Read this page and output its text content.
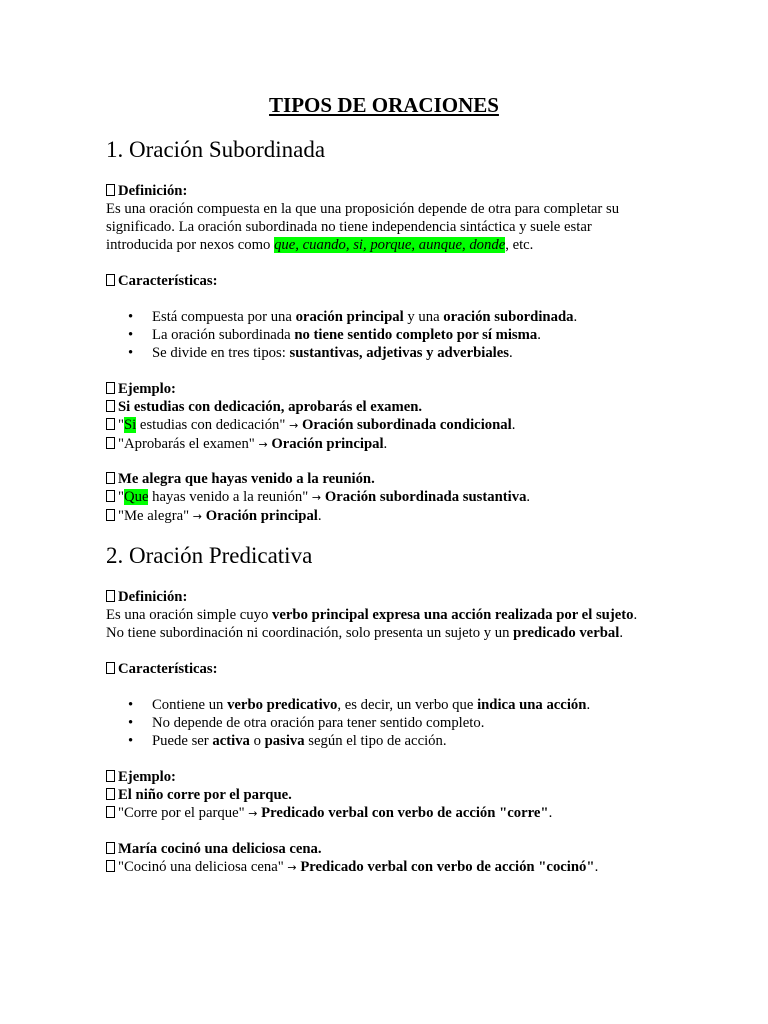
TIPOS DE ORACIONES
1. Oración Subordinada

Definición:

Es una oración compuesta en la que una proposición depende de otra para completar su

significado. La oración subordinada no tiene independencia sintáctica y suele estar

introducida por nexos como que, cuando, si, porque, aunque, donde, etc.

Características:

• Está compuesta por una oración principal y una oración subordinada.
• La oración subordinada no tiene sentido completo por sí misma.
• Se divide en tres tipos: sustantivas, adjetivas y adverbiales.

Ejemplo:

Si estudias con dedicación, aprobarás el examen.

"Si estudias con dedicación" → Oración subordinada condicional.

"Aprobarás el examen" → Oración principal.

Me alegra que hayas venido a la reunión.

"Que hayas venido a la reunión" → Oración subordinada sustantiva.

"Me alegra" → Oración principal.

2. Oración Predicativa

Definición:

Es una oración simple cuyo verbo principal expresa una acción realizada por el sujeto.

No tiene subordinación ni coordinación, solo presenta un sujeto y un predicado verbal.

Características:

• Contiene un verbo predicativo, es decir, un verbo que indica una acción.
• No depende de otra oración para tener sentido completo.
• Puede ser activa o pasiva según el tipo de acción.

Ejemplo:

El niño corre por el parque.

"Corre por el parque" → Predicado verbal con verbo de acción "corre".

María cocinó una deliciosa cena.

"Cocinó una deliciosa cena" → Predicado verbal con verbo de acción "cocinó".
